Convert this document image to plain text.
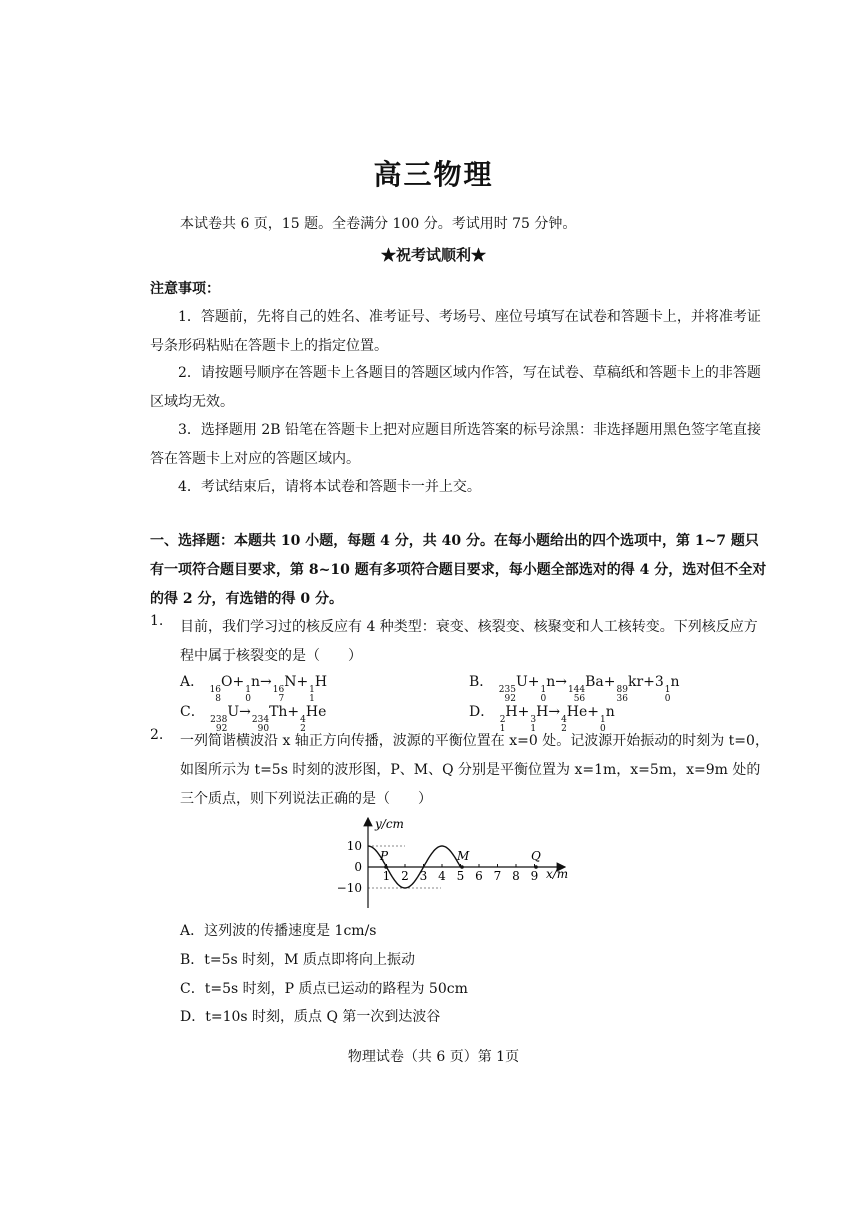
高三物理
本试卷共 6 页，15 题。全卷满分 100 分。考试用时 75 分钟。
★祝考试顺利★
注意事项：
1．答题前，先将自己的姓名、准考证号、考场号、座位号填写在试卷和答题卡上，并将准考证号条形码粘贴在答题卡上的指定位置。
2．请按题号顺序在答题卡上各题目的答题区域内作答，写在试卷、草稿纸和答题卡上的非答题区域均无效。
3．选择题用 2B 铅笔在答题卡上把对应题目所选答案的标号涂黑：非选择题用黑色签字笔直接答在答题卡上对应的答题区域内。
4．考试结束后，请将本试卷和答题卡一并上交。
一、选择题：本题共 10 小题，每题 4 分，共 40 分。在每小题给出的四个选项中，第 1~7 题只有一项符合题目要求，第 8~10 题有多项符合题目要求，每小题全部选对的得 4 分，选对但不全对的得 2 分，有选错的得 0 分。
1. 目前，我们学习过的核反应有 4 种类型：衰变、核裂变、核聚变和人工核转变。下列核反应方程中属于核裂变的是（　　）
A． 16
8
O+ 1
0
n→ 16
7
N+ 1
1
H	B． 235
92
U+ 1
0
n→ 144
56
Ba+ 89
36
kr+3 1
0
n
C． 238
92
U→ 234
90
Th+ 4
2
He	D． 2
1
H+ 3
1
H→ 4
2
He+ 1
0
n
2. 一列简谐横波沿 x 轴正方向传播，波源的平衡位置在 x=0 处。记波源开始振动的时刻为 t=0，如图所示为 t=5s 时刻的波形图，P、M、Q 分别是平衡位置为 x=1m，x=5m，x=9m 处的三个质点，则下列说法正确的是（　　）
y/cm
x/m
10
0
−10
1 2 3 4 5 6 7 8 9
P	M	Q
A．这列波的传播速度是 1cm/s
B．t=5s 时刻，M 质点即将向上振动
C．t=5s 时刻，P 质点已运动的路程为 50cm
D．t=10s 时刻，质点 Q 第一次到达波谷
物理试卷（共 6 页）第 1页
